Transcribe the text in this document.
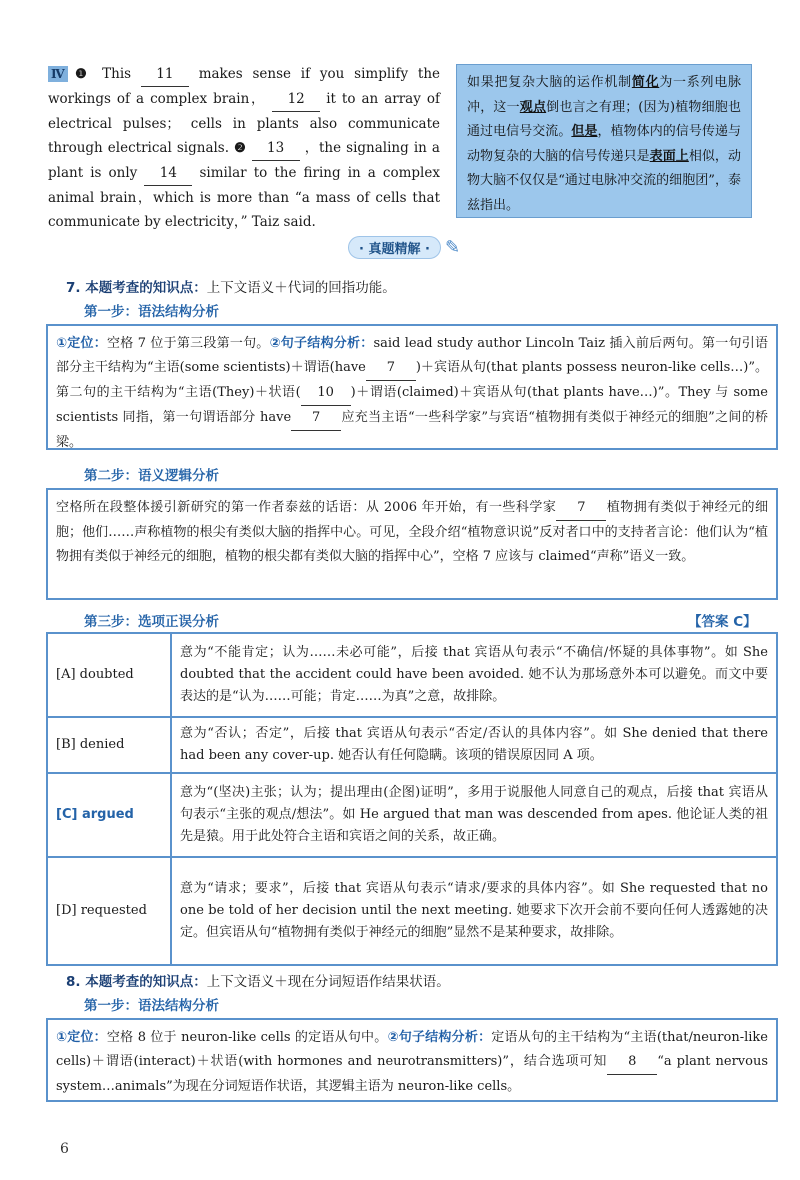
Ⅳ ❶ This 11 makes sense if you simplify the workings of a complex brain， 12 it to an array of electrical pulses； cells in plants also communicate through electrical signals. ❷ 13 ，the signaling in a plant is only 14 similar to the firing in a complex animal brain，which is more than “a mass of cells that communicate by electricity，” Taiz said.
如果把复杂大脑的运作机制简化为一系列电脉冲，这一观点倒也言之有理；(因为)植物细胞也通过电信号交流。但是，植物体内的信号传递与动物复杂的大脑的信号传递只是表面上相似，动物大脑不仅仅是“通过电脉冲交流的细胞团”，泰兹指出。
· 真题精解 · ✎
7. 本题考查的知识点：上下文语义＋代词的回指功能。
第一步：语法结构分析
①定位：空格 7 位于第三段第一句。②句子结构分析：said lead study author Lincoln Taiz 插入前后两句。第一句引语部分主干结构为“主语(some scientists)＋谓语(have 7 )＋宾语从句(that plants possess neuron-like cells…)”。第二句的主干结构为“主语(They)＋状语( 10 )＋谓语(claimed)＋宾语从句(that plants have…)”。They 与 some scientists 同指，第一句谓语部分 have 7 应充当主语“一些科学家”与宾语“植物拥有类似于神经元的细胞”之间的桥梁。
第二步：语义逻辑分析
空格所在段整体援引新研究的第一作者泰兹的话语：从 2006 年开始，有一些科学家 7 植物拥有类似于神经元的细胞；他们……声称植物的根尖有类似大脑的指挥中心。可见，全段介绍“植物意识说”反对者口中的支持者言论：他们认为“植物拥有类似于神经元的细胞，植物的根尖都有类似大脑的指挥中心”，空格 7 应该与 claimed“声称”语义一致。
第三步：选项正误分析	【答案 C】
[A] doubted	意为“不能肯定；认为……未必可能”，后接 that 宾语从句表示“不确信/怀疑的具体事物”。如 She doubted that the accident could have been avoided. 她不认为那场意外本可以避免。而文中要表达的是“认为……可能；肯定……为真”之意，故排除。
[B] denied	意为“否认；否定”，后接 that 宾语从句表示“否定/否认的具体内容”。如 She denied that there had been any cover-up. 她否认有任何隐瞒。该项的错误原因同 A 项。
[C] argued	意为“(坚决)主张；认为；提出理由(企图)证明”，多用于说服他人同意自己的观点，后接 that 宾语从句表示“主张的观点/想法”。如 He argued that man was descended from apes. 他论证人类的祖先是猿。用于此处符合主语和宾语之间的关系，故正确。
[D] requested	意为“请求；要求”，后接 that 宾语从句表示“请求/要求的具体内容”。如 She requested that no one be told of her decision until the next meeting. 她要求下次开会前不要向任何人透露她的决定。但宾语从句“植物拥有类似于神经元的细胞”显然不是某种要求，故排除。
8. 本题考查的知识点：上下文语义＋现在分词短语作结果状语。
第一步：语法结构分析
①定位：空格 8 位于 neuron-like cells 的定语从句中。②句子结构分析：定语从句的主干结构为“主语(that/neuron-like cells)＋谓语(interact)＋状语(with hormones and neurotransmitters)”，结合选项可知 8 “a plant nervous system…animals”为现在分词短语作状语，其逻辑主语为 neuron-like cells。
6
